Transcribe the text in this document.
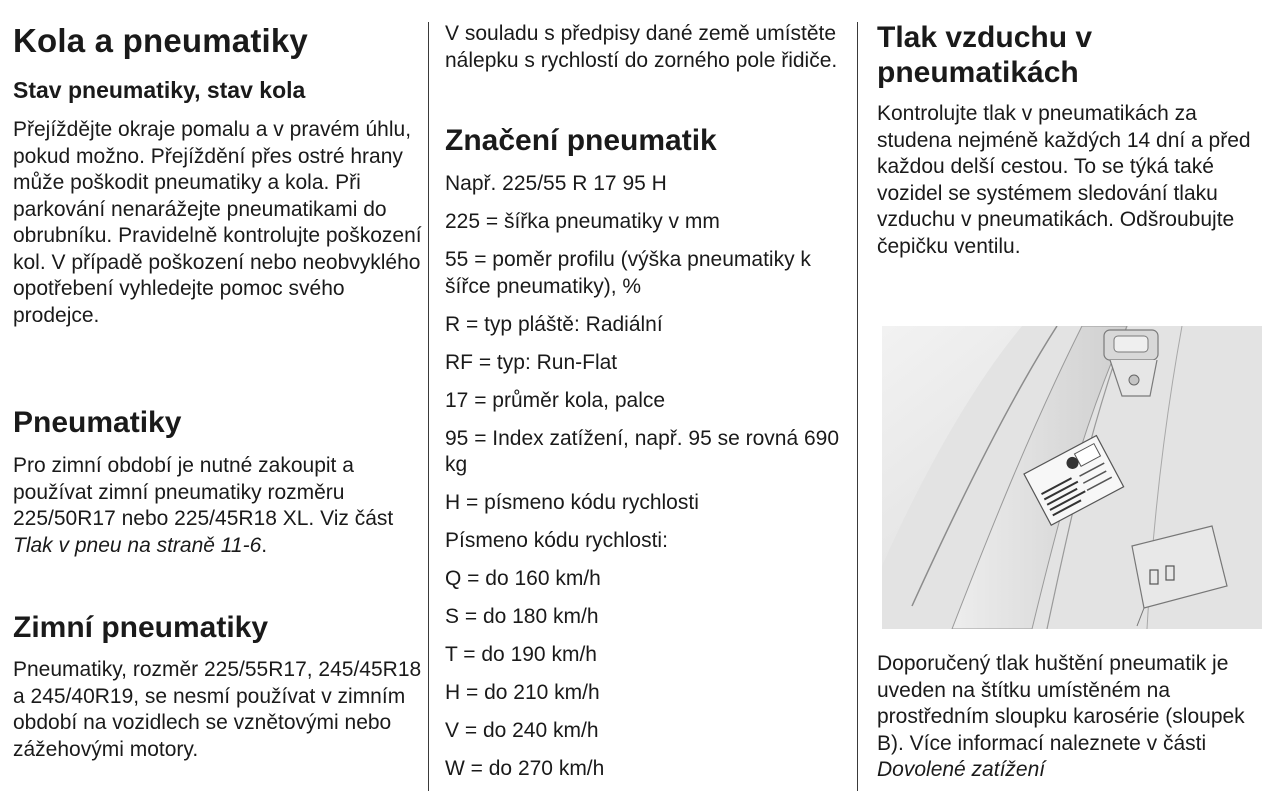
Kola a pneumatiky
Stav pneumatiky, stav kola

Přejíždějte okraje pomalu a v pravém úhlu, pokud možno. Přejíždění přes ostré hrany může poškodit pneumatiky a kola. Při parkování nenarážejte pneumatikami do obrubníku. Pravidelně kontrolujte poškození kol. V případě poškození nebo neobvyklého opotřebení vyhledejte pomoc svého prodejce.

Pneumatiky

Pro zimní období je nutné zakoupit a používat zimní pneumatiky rozměru 225/50R17 nebo 225/45R18 XL. Viz část Tlak v pneu na straně 11-6.

Zimní pneumatiky

Pneumatiky, rozměr 225/55R17, 245/45R18 a 245/40R19, se nesmí používat v zimním období na vozidlech se vznětovými nebo zážehovými motory.

V souladu s předpisy dané země umístěte nálepku s rychlostí do zorného pole řidiče.

Značení pneumatik

Např. 225/55 R 17 95 H

225 = šířka pneumatiky v mm

55 = poměr profilu (výška pneumatiky k šířce pneumatiky), %

R = typ pláště: Radiální

RF = typ: Run-Flat

17 = průměr kola, palce

95 = Index zatížení, např. 95 se rovná 690 kg

H = písmeno kódu rychlosti

Písmeno kódu rychlosti:

Q = do 160 km/h

S = do 180 km/h

T = do 190 km/h

H = do 210 km/h

V = do 240 km/h

W = do 270 km/h

Tlak vzduchu v pneumatikách

Kontrolujte tlak v pneumatikách za studena nejméně každých 14 dní a před každou delší cestou. To se týká také vozidel se systémem sledování tlaku vzduchu v pneumatikách. Odšroubujte čepičku ventilu.

Doporučený tlak huštění pneumatik je uveden na štítku umístěném na prostředním sloupku karosérie (sloupek B). Více informací naleznete v části Dovolené zatížení
